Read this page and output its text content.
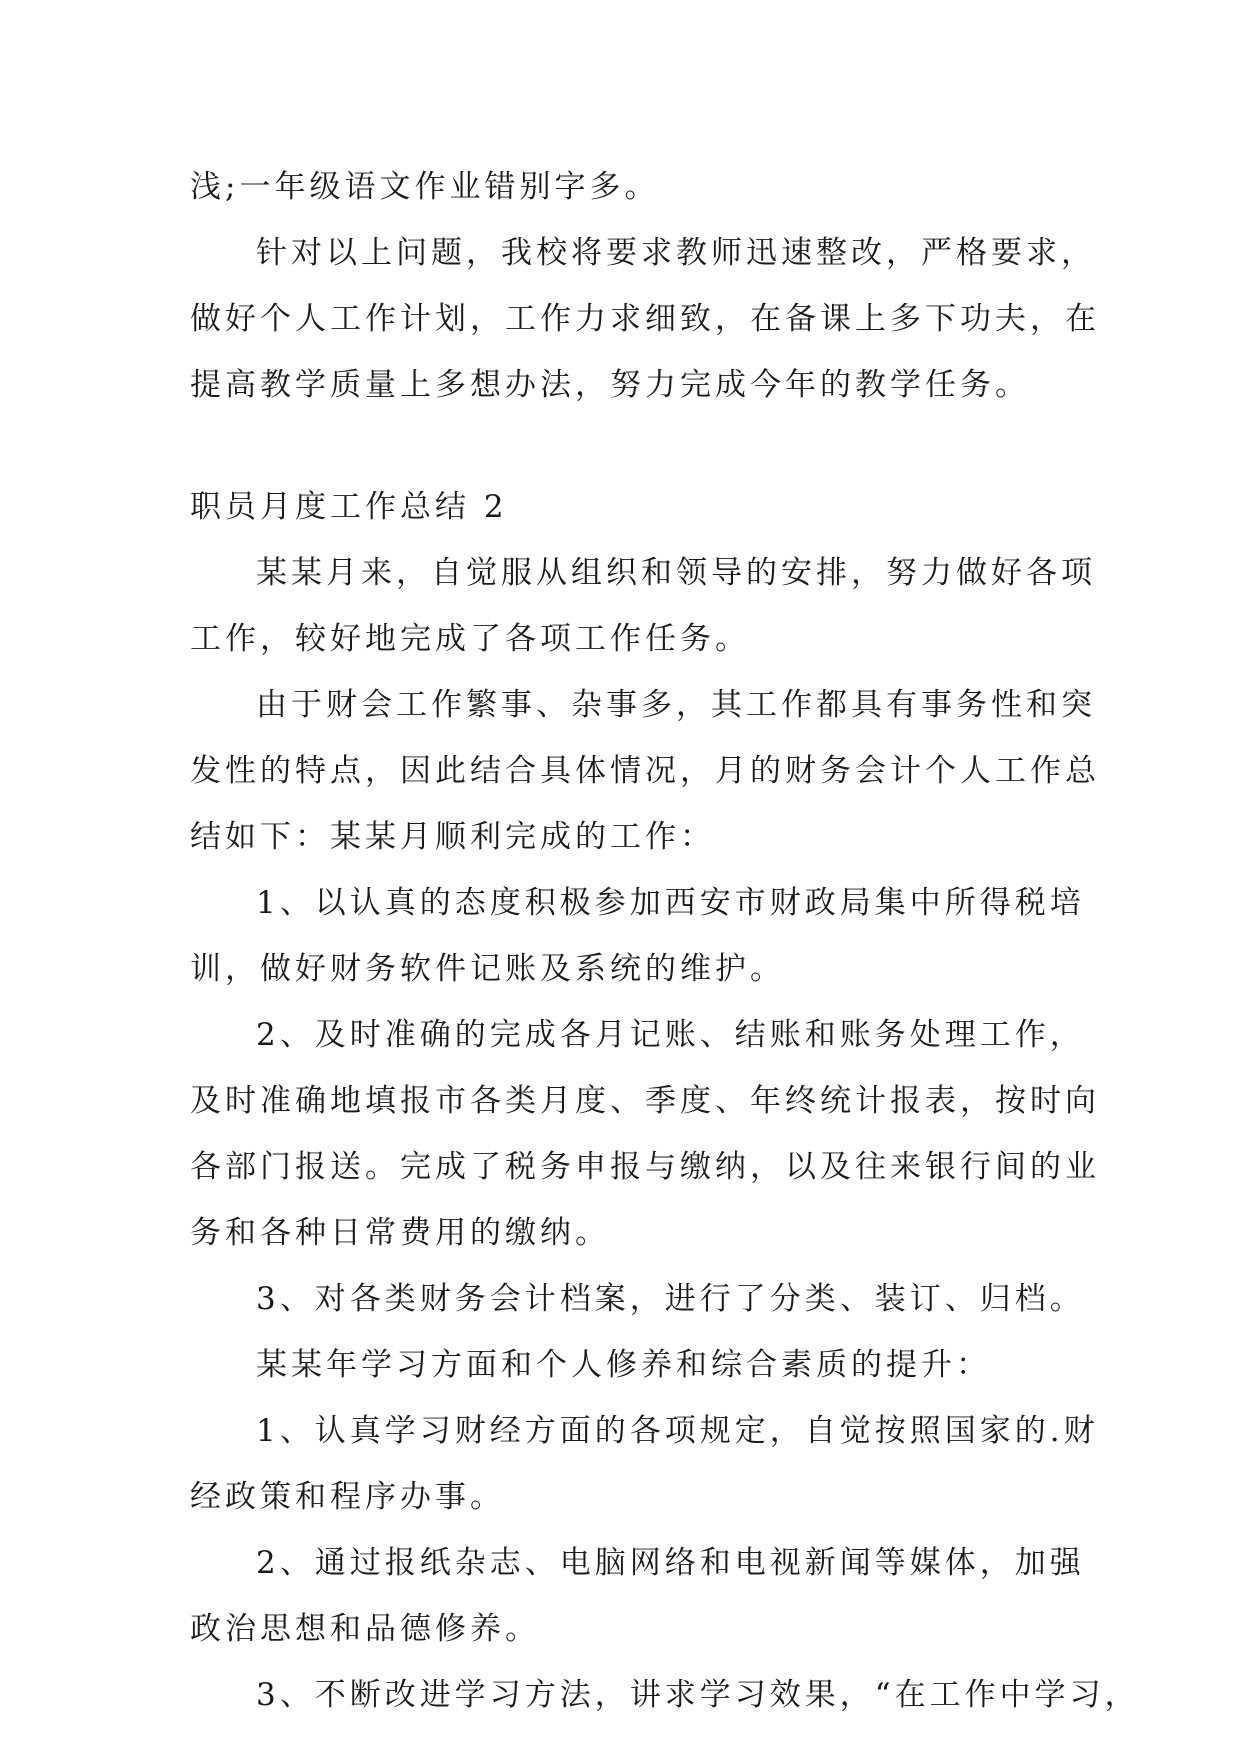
浅;一年级语文作业错别字多。
针对以上问题，我校将要求教师迅速整改，严格要求，
做好个人工作计划，工作力求细致，在备课上多下功夫，在
提高教学质量上多想办法，努力完成今年的教学任务。
职员月度工作总结 2
某某月来，自觉服从组织和领导的安排，努力做好各项
工作，较好地完成了各项工作任务。
由于财会工作繁事、杂事多，其工作都具有事务性和突
发性的特点，因此结合具体情况，月的财务会计个人工作总
结如下：某某月顺利完成的工作：
1、以认真的态度积极参加西安市财政局集中所得税培
训，做好财务软件记账及系统的维护。
2、及时准确的完成各月记账、结账和账务处理工作，
及时准确地填报市各类月度、季度、年终统计报表，按时向
各部门报送。完成了税务申报与缴纳，以及往来银行间的业
务和各种日常费用的缴纳。
3、对各类财务会计档案，进行了分类、装订、归档。
某某年学习方面和个人修养和综合素质的提升：
1、认真学习财经方面的各项规定，自觉按照国家的.财
经政策和程序办事。
2、通过报纸杂志、电脑网络和电视新闻等媒体，加强
政治思想和品德修养。
3、不断改进学习方法，讲求学习效果，“在工作中学习，
